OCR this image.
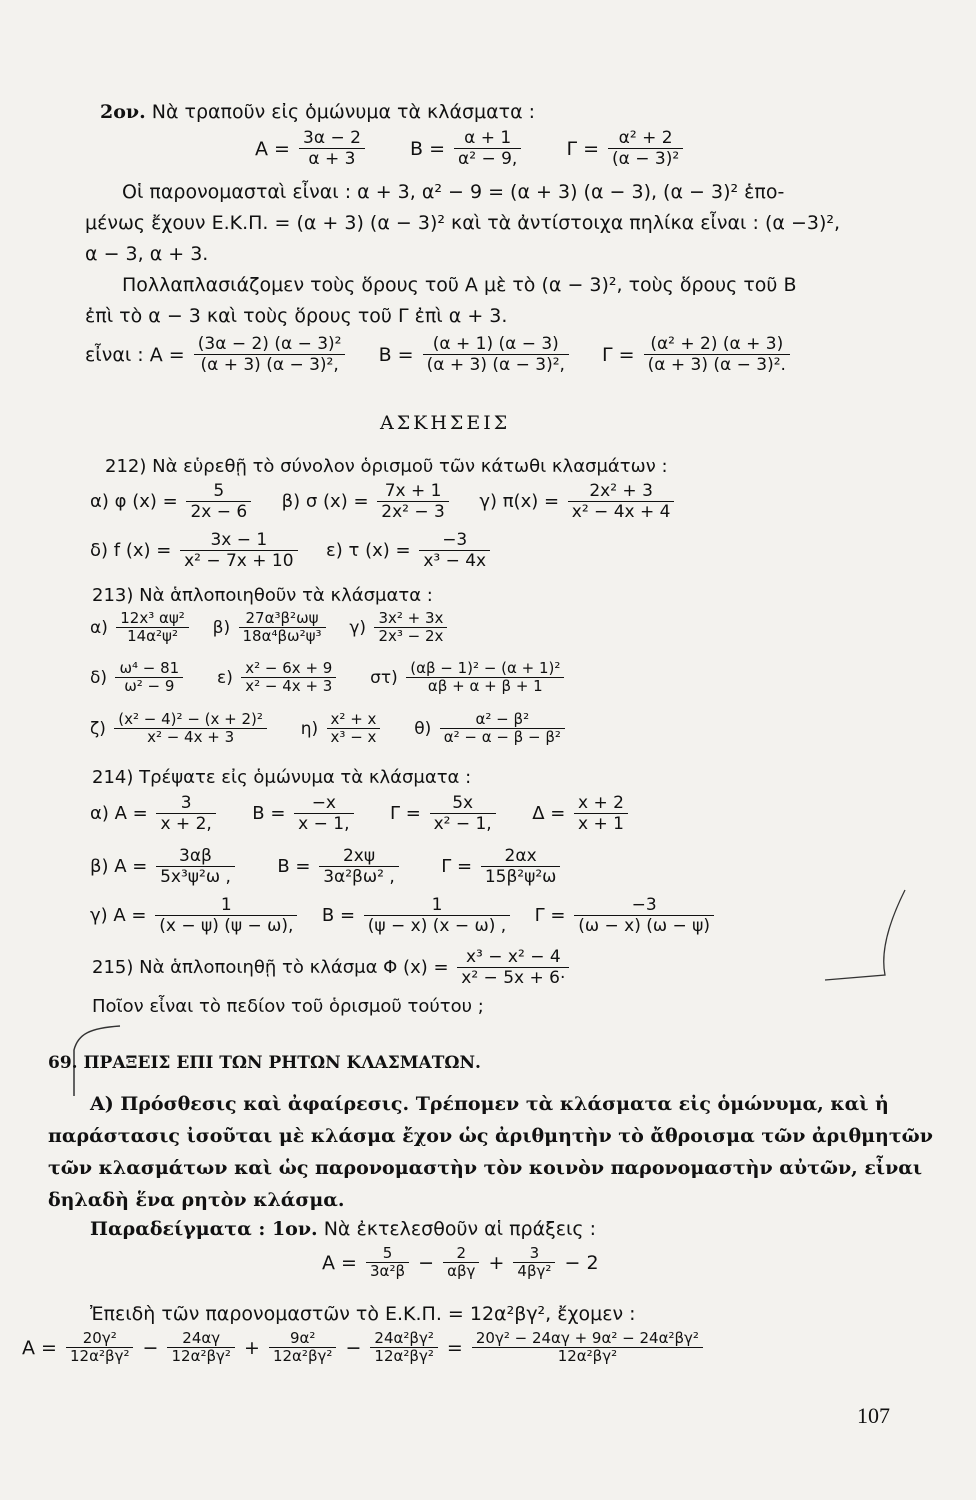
2ον. Νὰ τραποῦν εἰς ὁμώνυμα τὰ κλάσματα :
$A = \frac{3\alpha - 2}{\alpha + 3}$ $B = \frac{\alpha + 1}{\text{α² − 9,}}$ $\Gamma = \frac{\text{α² + 2}}{\text{(α − 3)²}}$
Οἱ παρονομασταὶ εἶναι : α + 3, α² − 9 = (α + 3) (α − 3), (α − 3)² ἑπο-
μένως ἔχουν Ε.Κ.Π. = (α + 3) (α − 3)² καὶ τὰ ἀντίστοιχα πηλίκα εἶναι : (α −3)²,
α − 3, α + 3.
Πολλαπλασιάζομεν τοὺς ὅρους τοῦ Α μὲ τὸ (α − 3)², τοὺς ὅρους τοῦ Β
ἐπὶ τὸ α − 3 καὶ τοὺς ὅρους τοῦ Γ ἐπὶ α + 3.
εἶναι : $A = \frac{\text{(3α − 2) (α − 3)²}}{\text{(α + 3) (α − 3)²,}}$ $B = \frac{(\alpha + 1) (\alpha - 3)}{\text{(α + 3) (α − 3)²,}}$ $\Gamma = \frac{\text{(α² + 2) (α + 3)}}{\text{(α + 3) (α − 3)².}}$
ΑΣΚΗΣΕΙΣ
212) Νὰ εὑρεθῇ τὸ σύνολον ὁρισμοῦ τῶν κάτωθι κλασμάτων :
α) φ $(x) = \frac{5}{2x - 6} \beta$) σ $(x) = \frac{7x + 1}{\text{2x² − 3}} \gamma$) $\pi(x) = \frac{\text{2x² + 3}}{\text{x² − 4x + 4}}$
δ) f $(x) = \frac{3x - 1}{\text{x² − 7x + 10}} \varepsilon$) τ $(x) = \frac{-3}{\text{x³ − 4x}}$
213) Νὰ ἁπλοποιηθοῦν τὰ κλάσματα :
$\alpha) \frac{\text{12x³ αψ²}}{\text{14α²ψ²}} \beta) \frac{\text{27α³β²ωψ}}{\text{18α⁴βω²ψ³}} \gamma) \frac{\text{3x² + 3x}}{\text{2x³ − 2x}}$
$\delta) \frac{\text{ω⁴ − 81}}{\text{ω² − 9}} \varepsilon) \frac{\text{x² − 6x + 9}}{\text{x² − 4x + 3}} \sigma\tau) \frac{\text{(αβ − 1)² − (α + 1)²}}{\alpha\beta + \alpha + \beta + 1}$
$\zeta) \frac{\text{(x² − 4)² − (x + 2)²}}{\text{x² − 4x + 3}} \eta) \frac{\text{x² + x}}{\text{x³ − x}} \theta) \frac{\text{α² − β²}}{\text{α² − α − β − β²}}$
214) Τρέψατε εἰς ὁμώνυμα τὰ κλάσματα :
α) $A = \frac{3}{x + 2,}$ $B = \frac{-x}{x - 1,}$ $\Gamma = \frac{5x}{\text{x² − 1,}}$ $\Delta = \frac{x + 2}{x + 1}$
β) $A = \frac{3\alpha\beta}{\text{5x³ψ²ω ,}}$ $B = \frac{2x\psi}{\text{3α²βω² ,}}$ $\Gamma = \frac{2\alpha x}{\text{15β²ψ²ω}}$
γ) $A = \frac{1}{(x - \psi) (\psi - \omega),}$ $B = \frac{1}{(\psi - x) (x - \omega) ,}$ $\Gamma = \frac{-3}{(\omega - x) (\omega - \psi)}$
215) Νὰ ἁπλοποιηθῇ τὸ κλάσμα Φ $(x) = \frac{\text{x³ − x² − 4}}{\text{x² − 5x + 6·}}$
Ποῖον εἶναι τὸ πεδίον τοῦ ὁρισμοῦ τούτου ;
69. ΠΡΑΞΕΙΣ ΕΠΙ ΤΩΝ ΡΗΤΩΝ ΚΛΑΣΜΑΤΩΝ.
Α) Πρόσθεσις καὶ ἀφαίρεσις. Τρέπομεν τὰ κλάσματα εἰς ὁμώνυμα, καὶ ἡ
παράστασις ἰσοῦται μὲ κλάσμα ἔχον ὡς ἀριθμητὴν τὸ ἄθροισμα τῶν ἀριθμητῶν
τῶν κλασμάτων καὶ ὡς παρονομαστὴν τὸν κοινὸν παρονομαστὴν αὐτῶν, εἶναι
δηλαδὴ ἕνα ρητὸν κλάσμα.
Παραδείγματα : 1ον. Νὰ ἐκτελεσθοῦν αἱ πράξεις :
$A = \frac{5}{\text{3α²β}} - \frac{2}{\text{αβγ}} + \frac{3}{\text{4βγ²}} - 2$
Ἐπειδὴ τῶν παρονομαστῶν τὸ Ε.Κ.Π. = 12α²βγ², ἔχομεν :
$A = \frac{\text{20γ²}}{\text{12α²βγ²}} - \frac{24\alpha\gamma}{\text{12α²βγ²}} + \frac{\text{9α²}}{\text{12α²βγ²}} - \frac{\text{24α²βγ²}}{\text{12α²βγ²}} = \frac{\text{20γ² − 24αγ + 9α² − 24α²βγ²}}{\text{12α²βγ²}}$
107
